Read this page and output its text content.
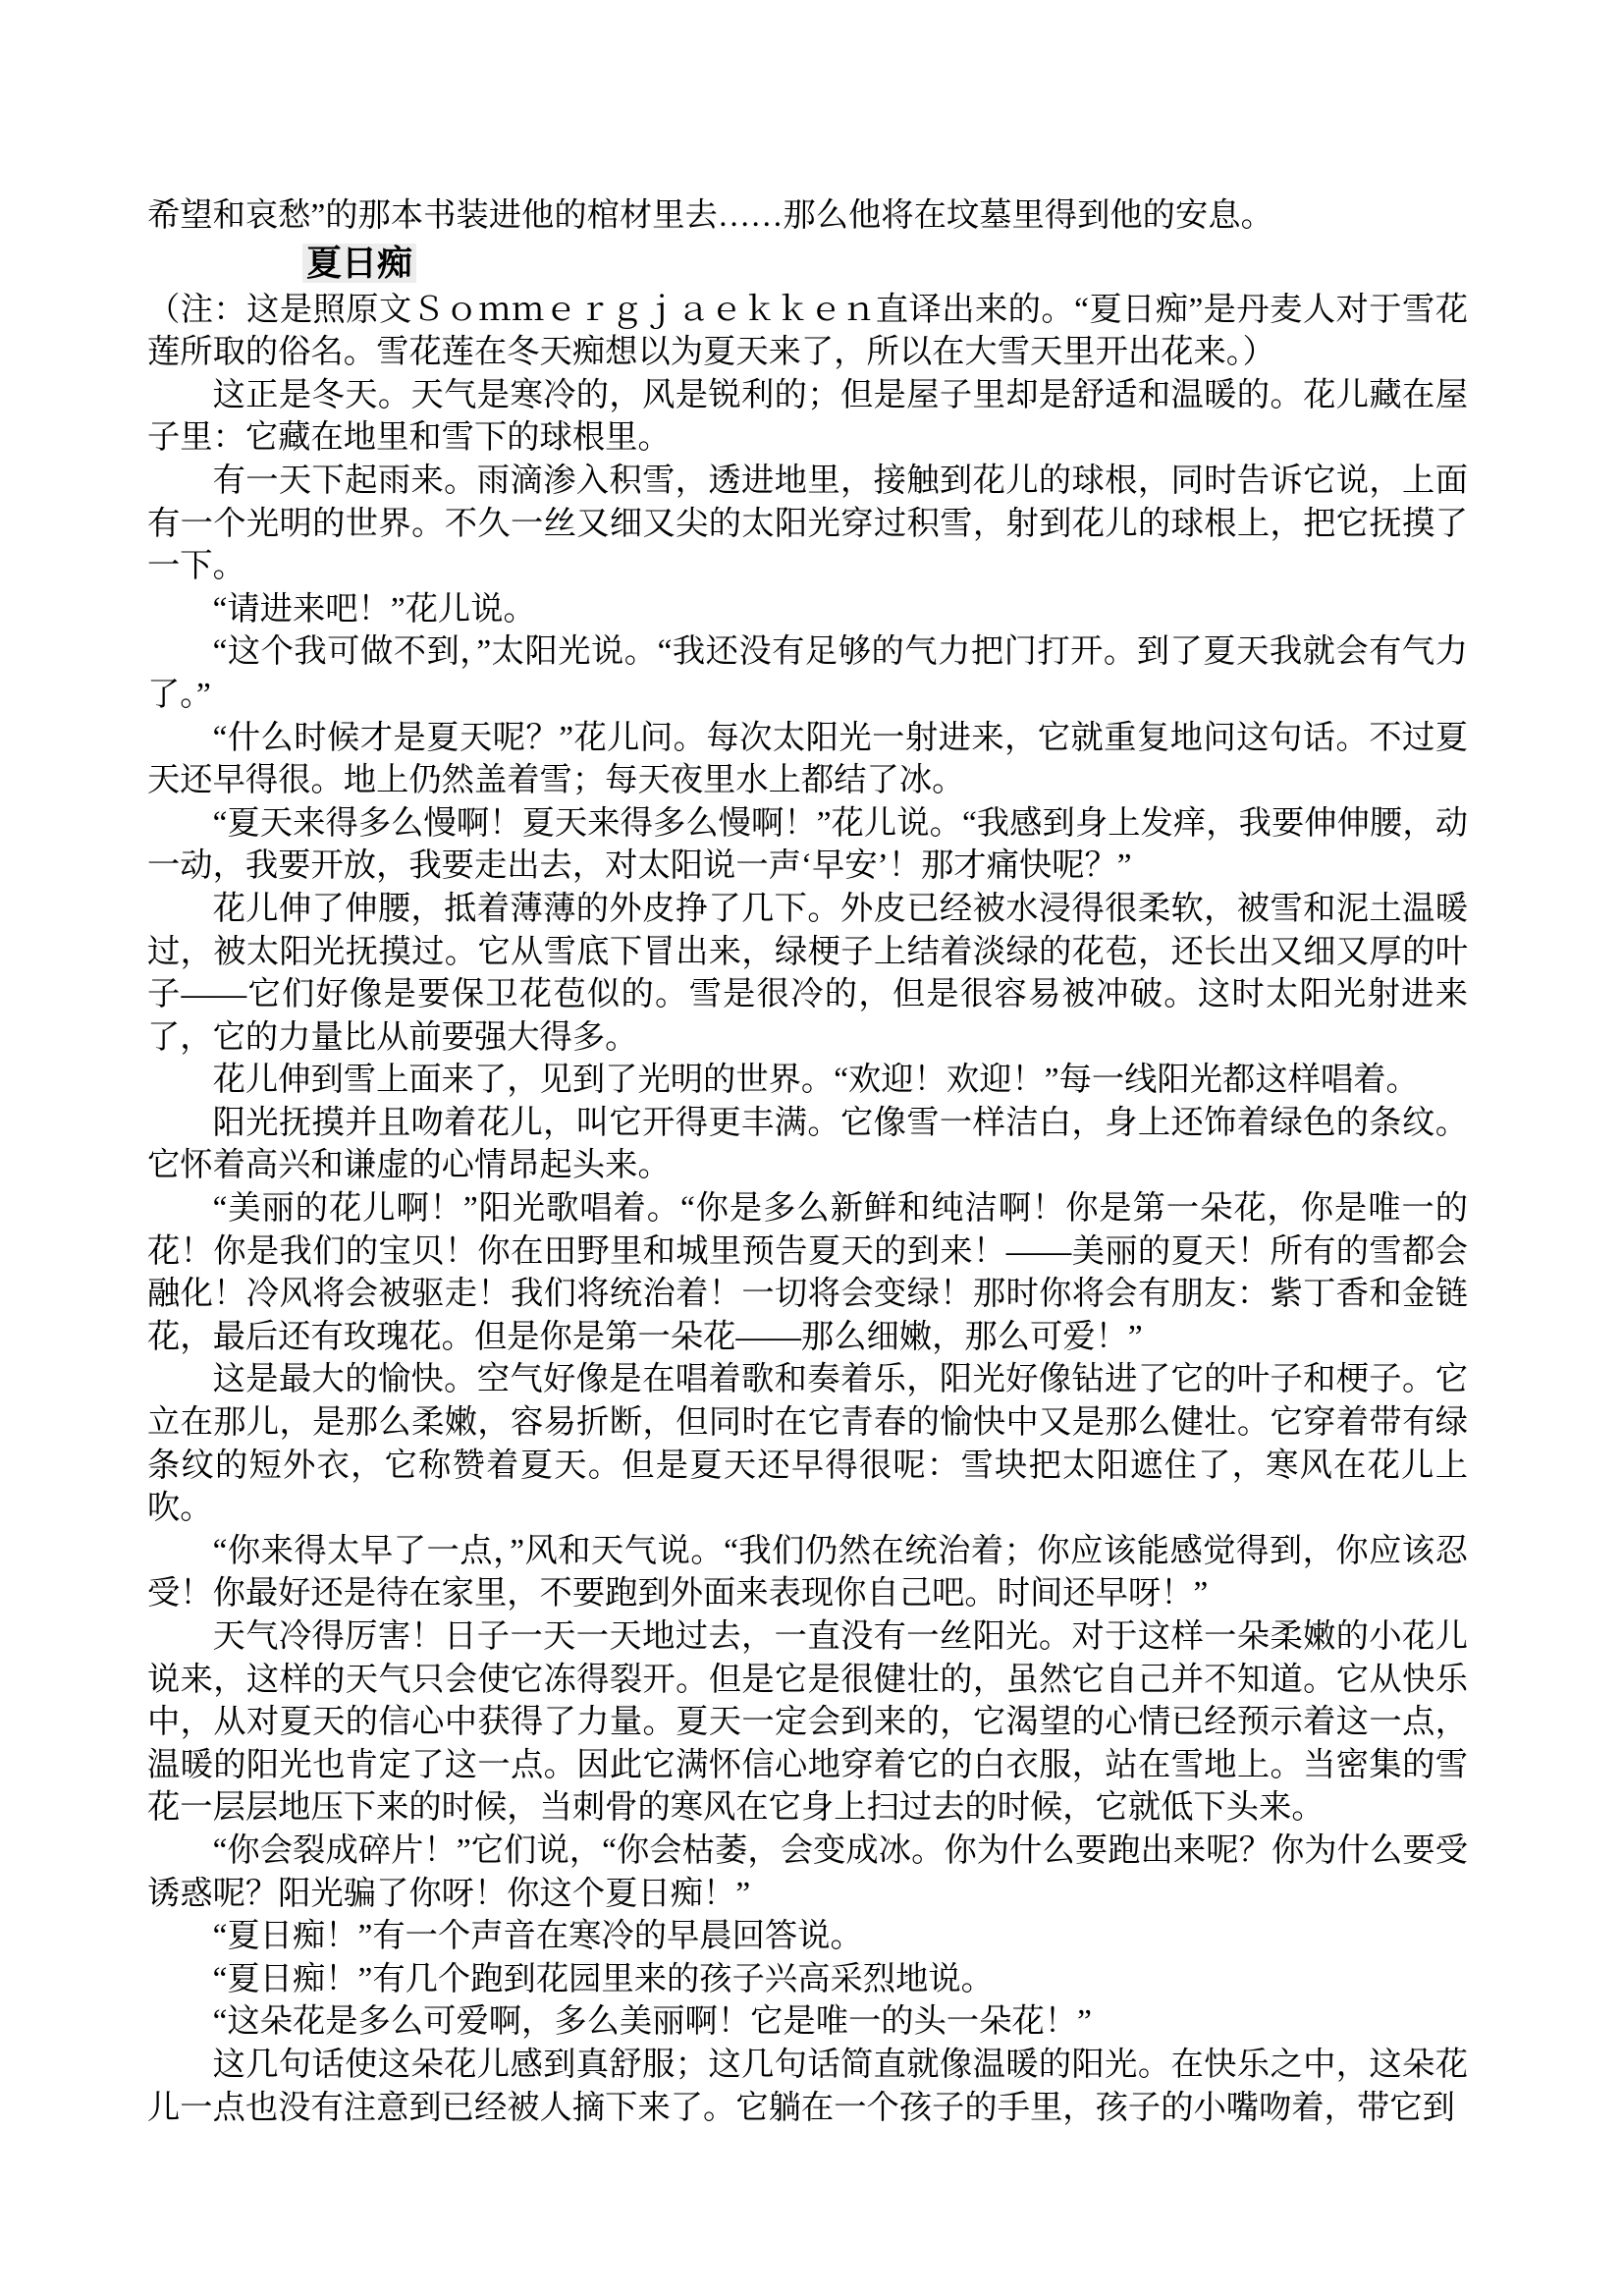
希望和哀愁”的那本书装进他的棺材里去……那么他将在坟墓里得到他的安息。

夏日痴

（注：这是照原文Ｓｏｍｍｅｒｇｊａｅｋｋｅｎ直译出来的。“夏日痴”是丹麦人对于雪花莲所取的俗名。雪花莲在冬天痴想以为夏天来了，所以在大雪天里开出花来。）

这正是冬天。天气是寒冷的，风是锐利的；但是屋子里却是舒适和温暖的。花儿藏在屋子里：它藏在地里和雪下的球根里。

有一天下起雨来。雨滴渗入积雪，透进地里，接触到花儿的球根，同时告诉它说，上面有一个光明的世界。不久一丝又细又尖的太阳光穿过积雪，射到花儿的球根上，把它抚摸了一下。

“请进来吧！”花儿说。

“这个我可做不到，”太阳光说。“我还没有足够的气力把门打开。到了夏天我就会有气力了。”

“什么时候才是夏天呢？”花儿问。每次太阳光一射进来，它就重复地问这句话。不过夏天还早得很。地上仍然盖着雪；每天夜里水上都结了冰。

“夏天来得多么慢啊！夏天来得多么慢啊！”花儿说。“我感到身上发痒，我要伸伸腰，动一动，我要开放，我要走出去，对太阳说一声‘早安’！那才痛快呢？”

花儿伸了伸腰，抵着薄薄的外皮挣了几下。外皮已经被水浸得很柔软，被雪和泥土温暖过，被太阳光抚摸过。它从雪底下冒出来，绿梗子上结着淡绿的花苞，还长出又细又厚的叶子——它们好像是要保卫花苞似的。雪是很冷的，但是很容易被冲破。这时太阳光射进来了，它的力量比从前要强大得多。

花儿伸到雪上面来了，见到了光明的世界。“欢迎！欢迎！”每一线阳光都这样唱着。

阳光抚摸并且吻着花儿，叫它开得更丰满。它像雪一样洁白，身上还饰着绿色的条纹。它怀着高兴和谦虚的心情昂起头来。

“美丽的花儿啊！”阳光歌唱着。“你是多么新鲜和纯洁啊！你是第一朵花，你是唯一的花！你是我们的宝贝！你在田野里和城里预告夏天的到来！——美丽的夏天！所有的雪都会融化！冷风将会被驱走！我们将统治着！一切将会变绿！那时你将会有朋友：紫丁香和金链花，最后还有玫瑰花。但是你是第一朵花——那么细嫩，那么可爱！”

这是最大的愉快。空气好像是在唱着歌和奏着乐，阳光好像钻进了它的叶子和梗子。它立在那儿，是那么柔嫩，容易折断，但同时在它青春的愉快中又是那么健壮。它穿着带有绿条纹的短外衣，它称赞着夏天。但是夏天还早得很呢：雪块把太阳遮住了，寒风在花儿上吹。

“你来得太早了一点，”风和天气说。“我们仍然在统治着；你应该能感觉得到，你应该忍受！你最好还是待在家里，不要跑到外面来表现你自己吧。时间还早呀！”

天气冷得厉害！日子一天一天地过去，一直没有一丝阳光。对于这样一朵柔嫩的小花儿说来，这样的天气只会使它冻得裂开。但是它是很健壮的，虽然它自己并不知道。它从快乐中，从对夏天的信心中获得了力量。夏天一定会到来的，它渴望的心情已经预示着这一点，温暖的阳光也肯定了这一点。因此它满怀信心地穿着它的白衣服，站在雪地上。当密集的雪花一层层地压下来的时候，当刺骨的寒风在它身上扫过去的时候，它就低下头来。

“你会裂成碎片！”它们说，“你会枯萎，会变成冰。你为什么要跑出来呢？你为什么要受诱惑呢？阳光骗了你呀！你这个夏日痴！”

“夏日痴！”有一个声音在寒冷的早晨回答说。

“夏日痴！”有几个跑到花园里来的孩子兴高采烈地说。

“这朵花是多么可爱啊，多么美丽啊！它是唯一的头一朵花！”

这几句话使这朵花儿感到真舒服；这几句话简直就像温暖的阳光。在快乐之中，这朵花儿一点也没有注意到已经被人摘下来了。它躺在一个孩子的手里，孩子的小嘴吻着，带它到
